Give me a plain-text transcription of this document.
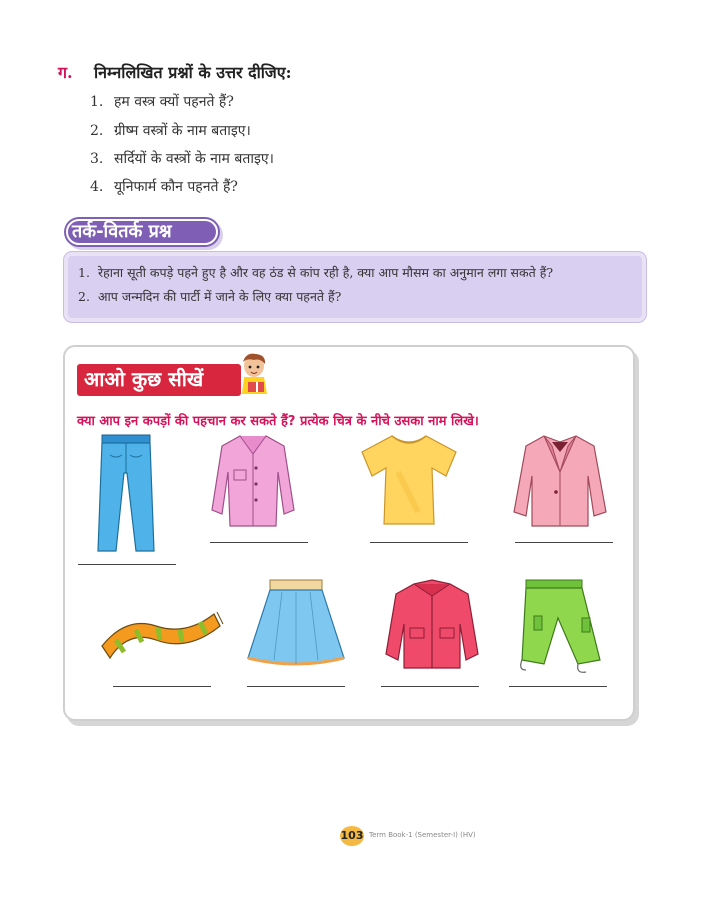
ग. निम्नलिखित प्रश्नों के उत्तर दीजिए:
1. हम वस्त्र क्यों पहनते हैं?
2. ग्रीष्म वस्त्रों के नाम बताइए।
3. सर्दियों के वस्त्रों के नाम बताइए।
4. यूनिफार्म कौन पहनते हैं?
तर्क-वितर्क प्रश्न
1. रेहाना सूती कपड़े पहने हुए है और वह ठंड से कांप रही है, क्या आप मौसम का अनुमान लगा सकते हैं?
2. आप जन्मदिन की पार्टी में जाने के लिए क्या पहनते हैं?
आओ कुछ सीखें
क्या आप इन कपड़ों की पहचान कर सकते हैं? प्रत्येक चित्र के नीचे उसका नाम लिखे।
103 Term Book-1 (Semester-I) (HV)
